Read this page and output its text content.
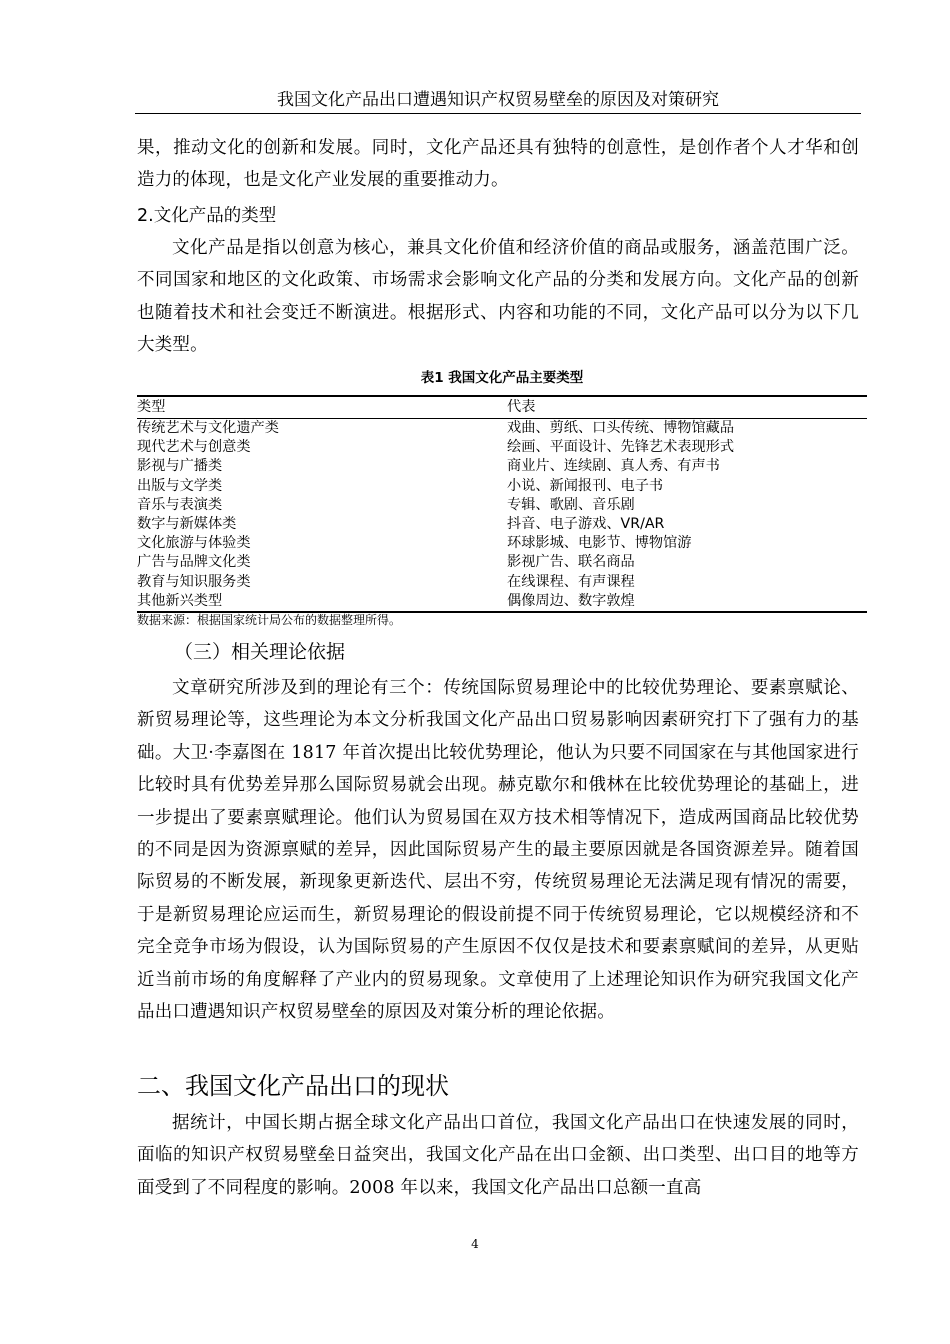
我国文化产品出口遭遇知识产权贸易壁垒的原因及对策研究
果，推动文化的创新和发展。同时，文化产品还具有独特的创意性，是创作者个人才华和创造力的体现，也是文化产业发展的重要推动力。
2.文化产品的类型
文化产品是指以创意为核心，兼具文化价值和经济价值的商品或服务，涵盖范围广泛。不同国家和地区的文化政策、市场需求会影响文化产品的分类和发展方向。文化产品的创新也随着技术和社会变迁不断演进。根据形式、内容和功能的不同，文化产品可以分为以下几大类型。
表1 我国文化产品主要类型
类型	代表
传统艺术与文化遗产类	戏曲、剪纸、口头传统、博物馆藏品
现代艺术与创意类	绘画、平面设计、先锋艺术表现形式
影视与广播类	商业片、连续剧、真人秀、有声书
出版与文学类	小说、新闻报刊、电子书
音乐与表演类	专辑、歌剧、音乐剧
数字与新媒体类	抖音、电子游戏、VR/AR
文化旅游与体验类	环球影城、电影节、博物馆游
广告与品牌文化类	影视广告、联名商品
教育与知识服务类	在线课程、有声课程
其他新兴类型	偶像周边、数字敦煌
数据来源：根据国家统计局公布的数据整理所得。
（三）相关理论依据
文章研究所涉及到的理论有三个：传统国际贸易理论中的比较优势理论、要素禀赋论、新贸易理论等，这些理论为本文分析我国文化产品出口贸易影响因素研究打下了强有力的基础。大卫·李嘉图在 1817 年首次提出比较优势理论，他认为只要不同国家在与其他国家进行比较时具有优势差异那么国际贸易就会出现。赫克歇尔和俄林在比较优势理论的基础上，进一步提出了要素禀赋理论。他们认为贸易国在双方技术相等情况下，造成两国商品比较优势的不同是因为资源禀赋的差异，因此国际贸易产生的最主要原因就是各国资源差异。随着国际贸易的不断发展，新现象更新迭代、层出不穷，传统贸易理论无法满足现有情况的需要，于是新贸易理论应运而生，新贸易理论的假设前提不同于传统贸易理论，它以规模经济和不完全竞争市场为假设，认为国际贸易的产生原因不仅仅是技术和要素禀赋间的差异，从更贴近当前市场的角度解释了产业内的贸易现象。文章使用了上述理论知识作为研究我国文化产品出口遭遇知识产权贸易壁垒的原因及对策分析的理论依据。
二、我国文化产品出口的现状
据统计，中国长期占据全球文化产品出口首位，我国文化产品出口在快速发展的同时，面临的知识产权贸易壁垒日益突出，我国文化产品在出口金额、出口类型、出口目的地等方面受到了不同程度的影响。2008 年以来，我国文化产品出口总额一直高
4
